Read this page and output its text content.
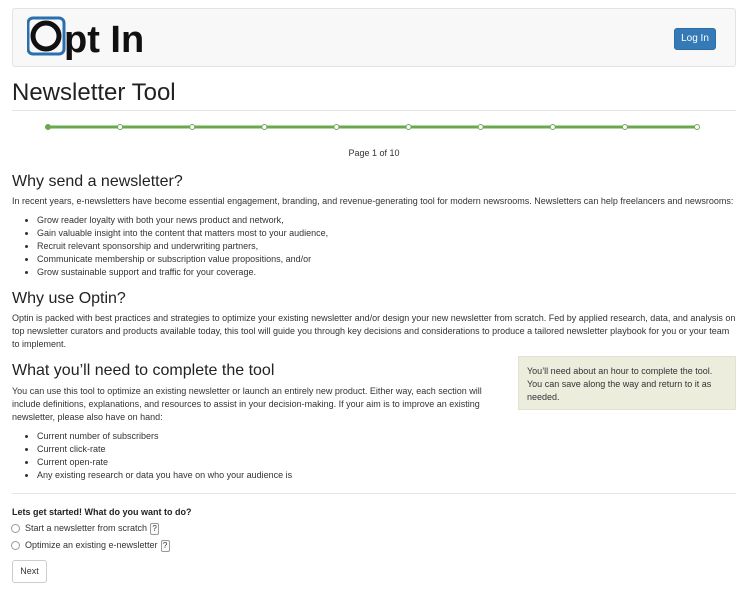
pt In	Log In
Newsletter Tool
Page 1 of 10
Why send a newsletter?

In recent years, e-newsletters have become essential engagement, branding, and revenue-generating tool for modern newsrooms. Newsletters can help freelancers and newsrooms:

• Grow reader loyalty with both your news product and network,
• Gain valuable insight into the content that matters most to your audience,
• Recruit relevant sponsorship and underwriting partners,
• Communicate membership or subscription value propositions, and/or
• Grow sustainable support and traffic for your coverage.
Why use Optin?

Optin is packed with best practices and strategies to optimize your existing newsletter and/or design your new newsletter from scratch. Fed by applied research, data, and analysis on top newsletter curators and products available today, this tool will guide you through key decisions and considerations to produce a tailored newsletter playbook for you or your team to implement.

What you’ll need to complete the tool

You can use this tool to optimize an existing newsletter or launch an entirely new product. Either way, each section will include definitions, explanations, and resources to assist in your decision-making. If your aim is to improve an existing newsletter, please also have on hand:

• Current number of subscribers
• Current click-rate
• Current open-rate
• Any existing research or data you have on who your audience is
You’ll need about an hour to complete the tool. You can save along the way and return to it as needed.
Lets get started! What do you want to do?
Start a newsletter from scratch ?
Optimize an existing e-newsletter ?
Next
